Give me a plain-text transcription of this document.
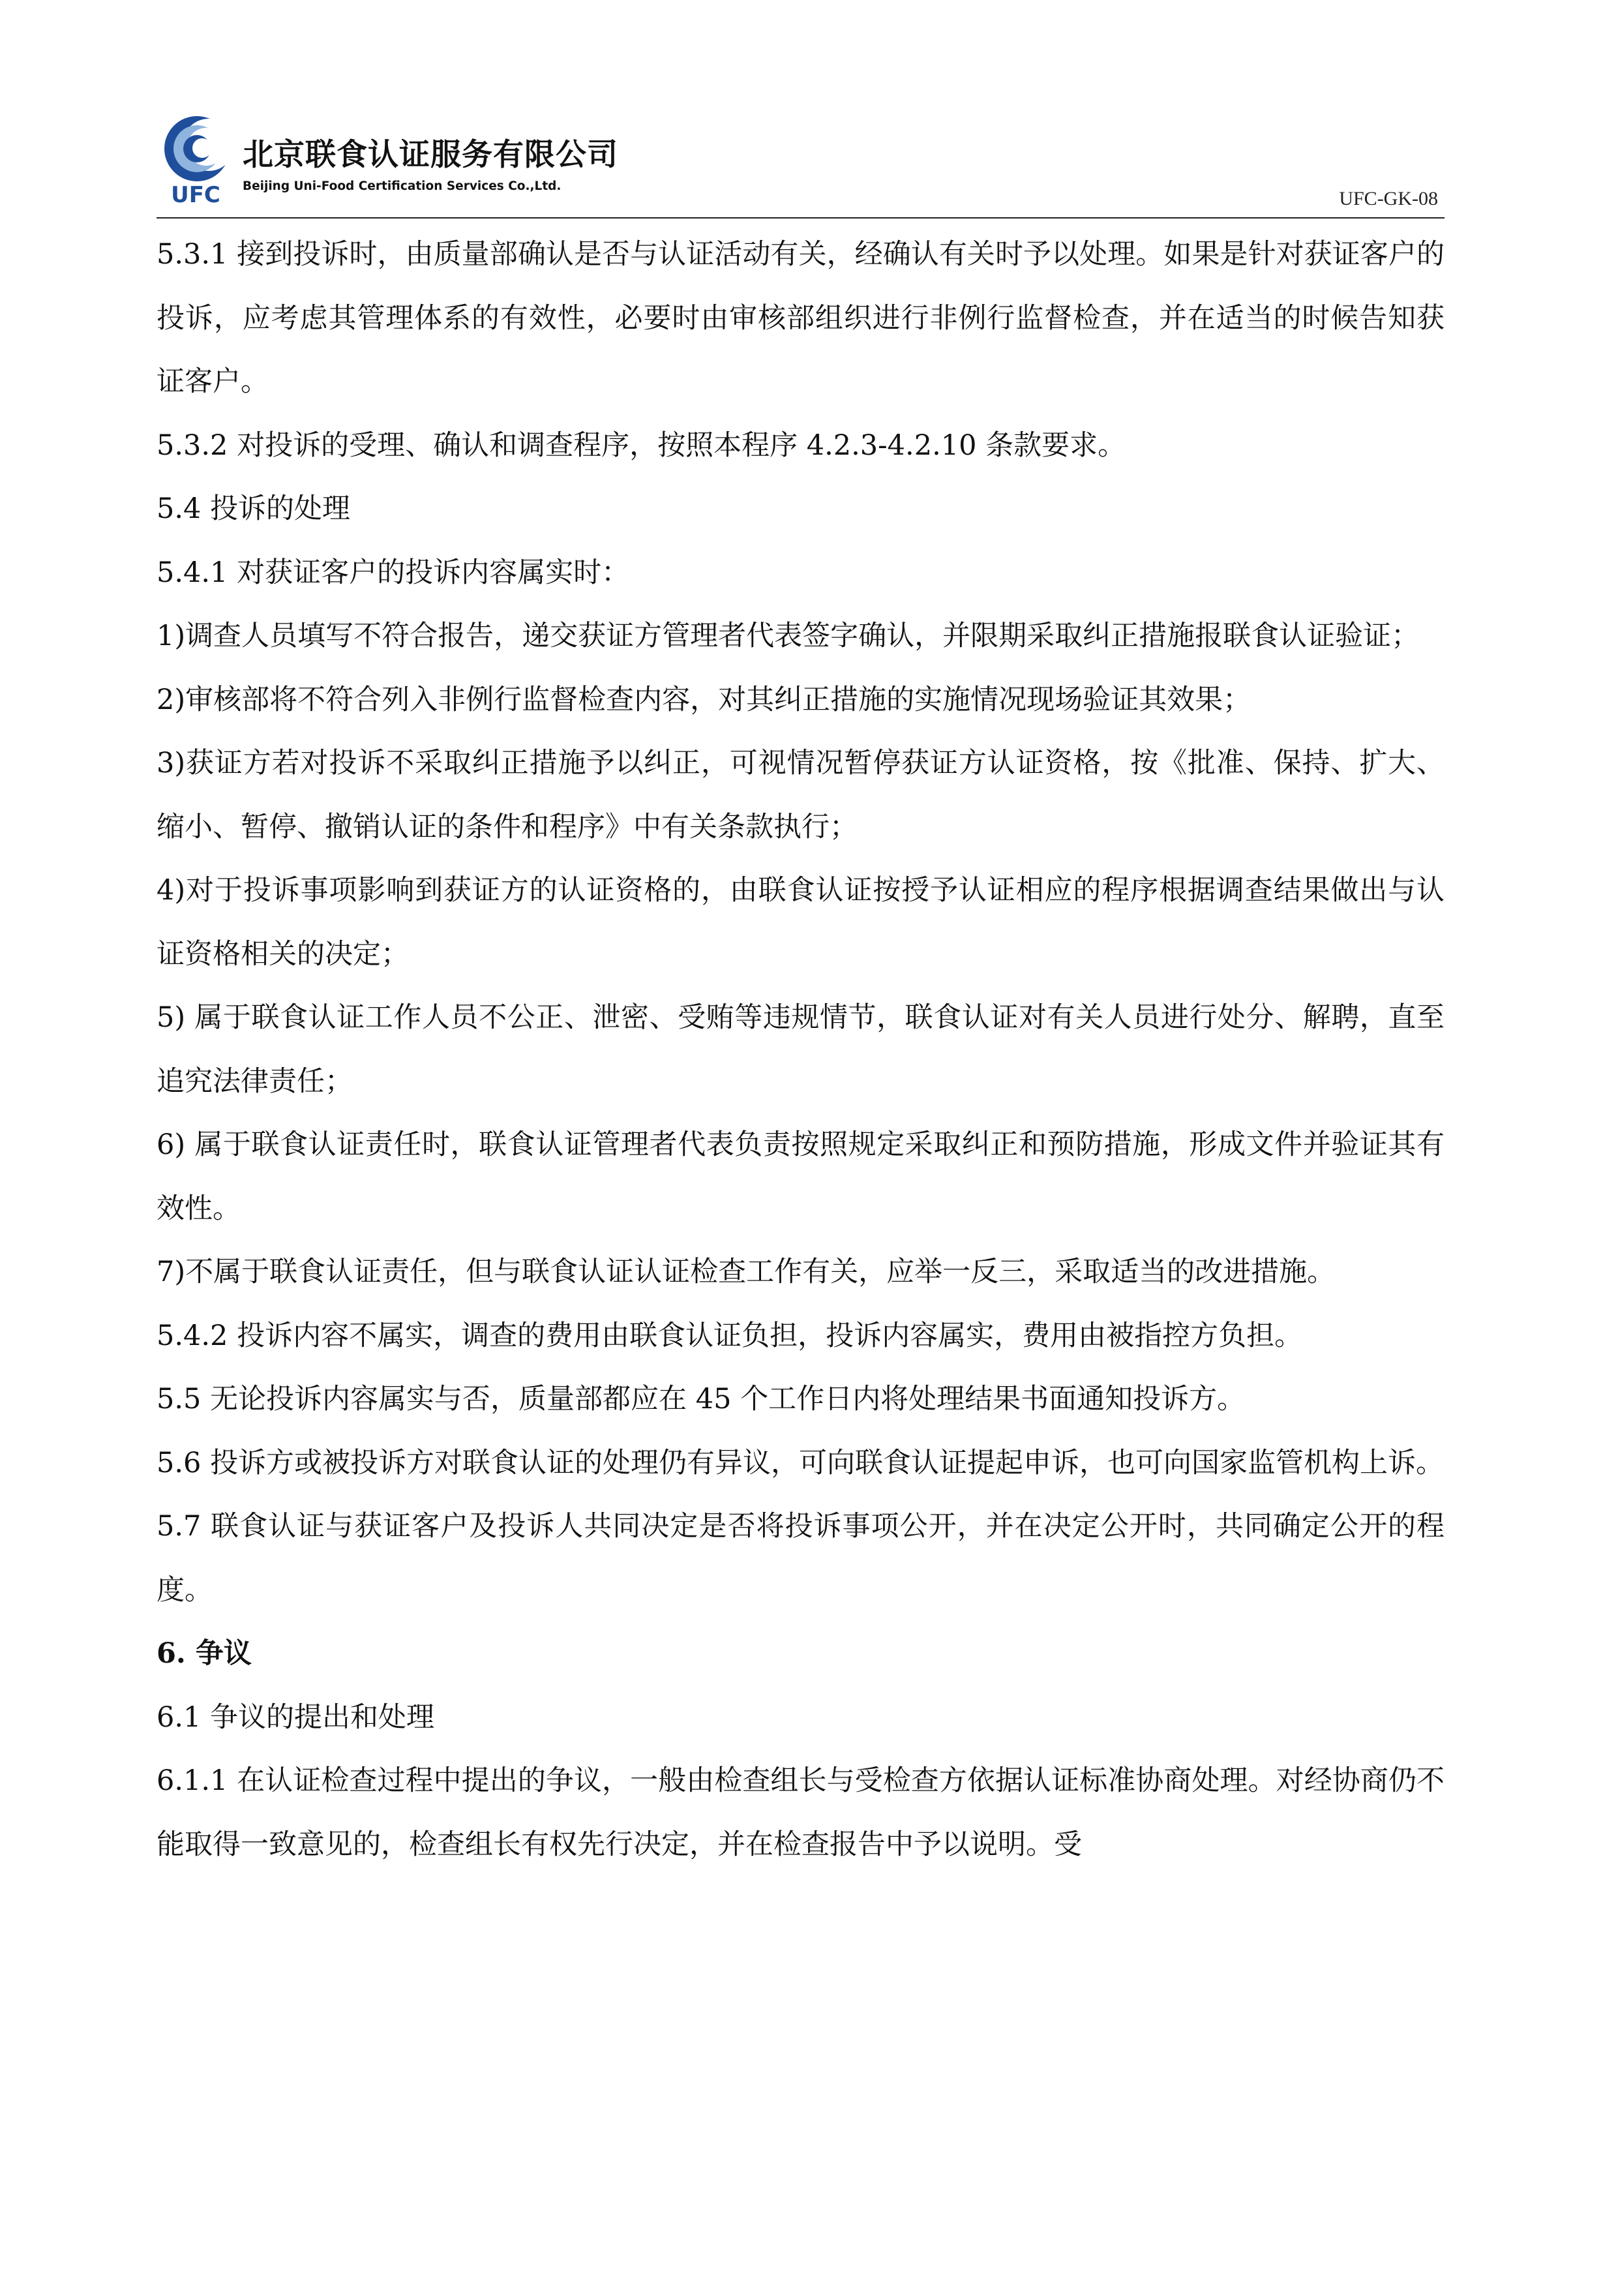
UFC
北京联食认证服务有限公司
Beijing Uni-Food Certification Services Co.,Ltd.
UFC-GK-08

5.3.1 接到投诉时，由质量部确认是否与认证活动有关，经确认有关时予以处理。如果是针对获证客户的投诉，应考虑其管理体系的有效性，必要时由审核部组织进行非例行监督检查，并在适当的时候告知获证客户。

5.3.2 对投诉的受理、确认和调查程序，按照本程序 4.2.3-4.2.10 条款要求。

5.4 投诉的处理

5.4.1 对获证客户的投诉内容属实时：

1)调查人员填写不符合报告，递交获证方管理者代表签字确认，并限期采取纠正措施报联食认证验证；

2)审核部将不符合列入非例行监督检查内容，对其纠正措施的实施情况现场验证其效果；

3)获证方若对投诉不采取纠正措施予以纠正，可视情况暂停获证方认证资格，按《批准、保持、扩大、缩小、暂停、撤销认证的条件和程序》中有关条款执行；

4)对于投诉事项影响到获证方的认证资格的，由联食认证按授予认证相应的程序根据调查结果做出与认证资格相关的决定；

5) 属于联食认证工作人员不公正、泄密、受贿等违规情节，联食认证对有关人员进行处分、解聘，直至追究法律责任；

6) 属于联食认证责任时，联食认证管理者代表负责按照规定采取纠正和预防措施，形成文件并验证其有效性。

7)不属于联食认证责任，但与联食认证认证检查工作有关，应举一反三，采取适当的改进措施。

5.4.2 投诉内容不属实，调查的费用由联食认证负担，投诉内容属实，费用由被指控方负担。

5.5 无论投诉内容属实与否，质量部都应在 45 个工作日内将处理结果书面通知投诉方。

5.6 投诉方或被投诉方对联食认证的处理仍有异议，可向联食认证提起申诉，也可向国家监管机构上诉。

5.7 联食认证与获证客户及投诉人共同决定是否将投诉事项公开，并在决定公开时，共同确定公开的程度。

6. 争议

6.1 争议的提出和处理

6.1.1 在认证检查过程中提出的争议，一般由检查组长与受检查方依据认证标准协商处理。对经协商仍不能取得一致意见的，检查组长有权先行决定，并在检查报告中予以说明。受
